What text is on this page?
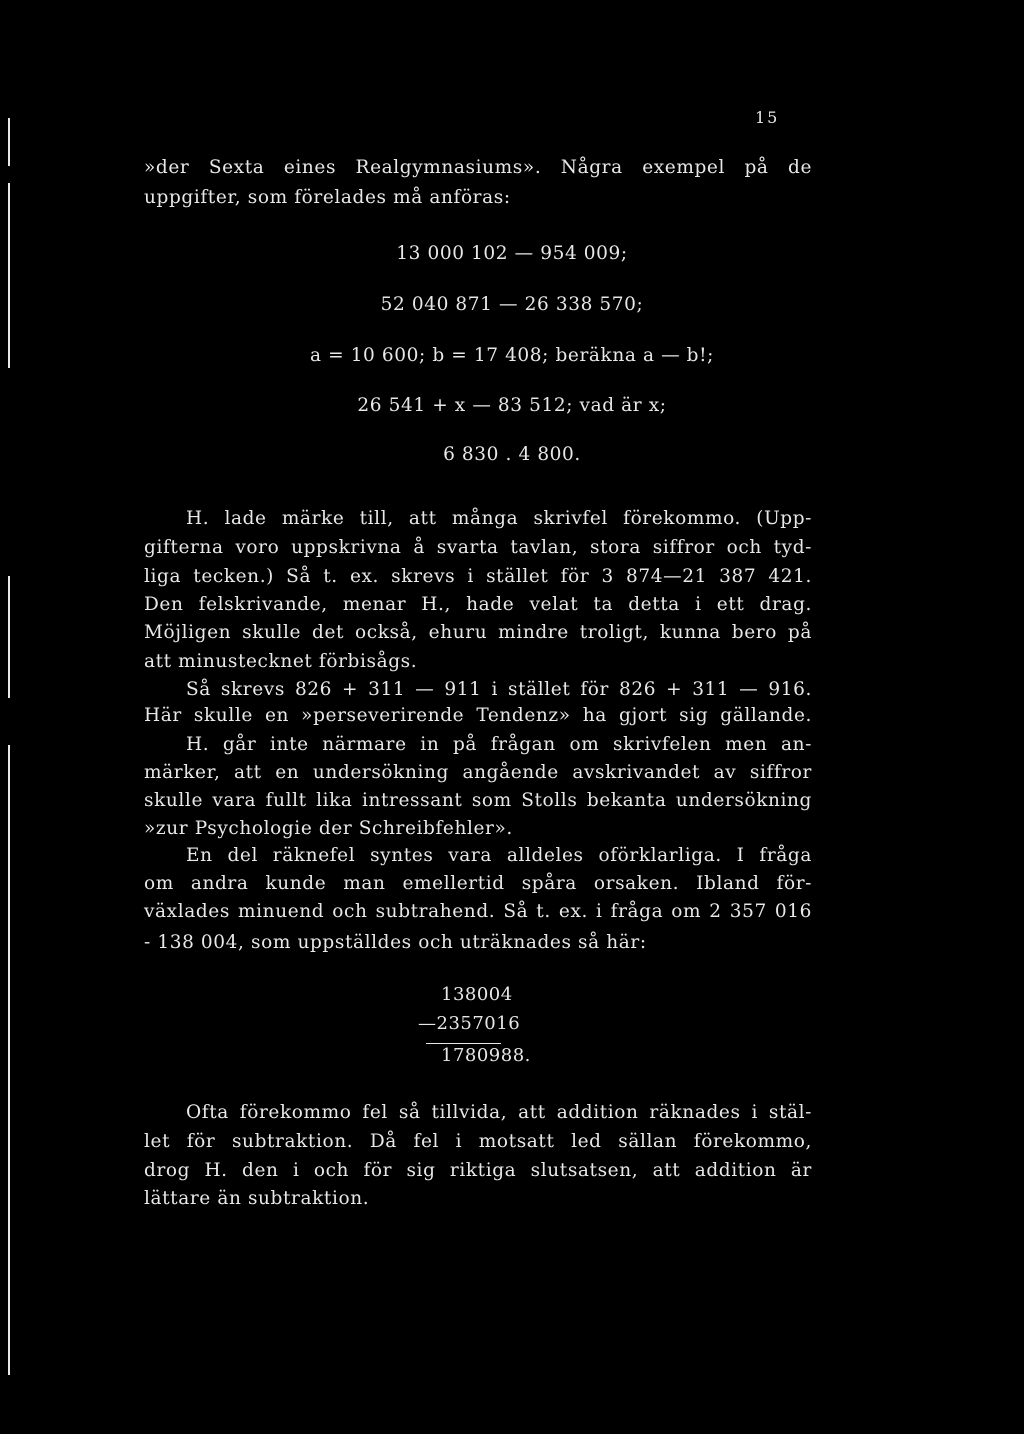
15
»der Sexta eines Realgymnasiums». Några exempel på de
uppgifter, som förelades må anföras:
13 000 102 — 954 009;
52 040 871 — 26 338 570;
a = 10 600; b = 17 408; beräkna a — b!;
26 541 + x — 83 512; vad är x;
6 830 . 4 800.
H. lade märke till, att många skrivfel förekommo. (Upp-
gifterna voro uppskrivna å svarta tavlan, stora siffror och tyd-
liga tecken.) Så t. ex. skrevs i stället för 3 874—21 387 421.
Den felskrivande, menar H., hade velat ta detta i ett drag.
Möjligen skulle det också, ehuru mindre troligt, kunna bero på
att minustecknet förbisågs.
Så skrevs 826 + 311 — 911 i stället för 826 + 311 — 916.
Här skulle en »perseverirende Tendenz» ha gjort sig gällande.
H. går inte närmare in på frågan om skrivfelen men an-
märker, att en undersökning angående avskrivandet av siffror
skulle vara fullt lika intressant som Stolls bekanta undersökning
»zur Psychologie der Schreibfehler».
En del räknefel syntes vara alldeles oförklarliga. I fråga
om andra kunde man emellertid spåra orsaken. Ibland för-
växlades minuend och subtrahend. Så t. ex. i fråga om 2 357 016
- 138 004, som uppställdes och uträknades så här:
138004
—2357016
1780988.
Ofta förekommo fel så tillvida, att addition räknades i stäl-
let för subtraktion. Då fel i motsatt led sällan förekommo,
drog H. den i och för sig riktiga slutsatsen, att addition är
lättare än subtraktion.
